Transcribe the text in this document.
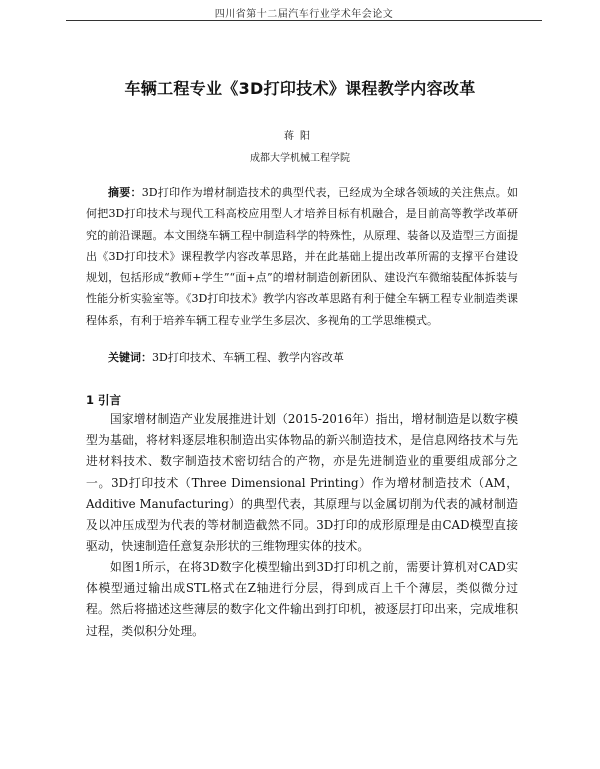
四川省第十二届汽车行业学术年会论文
车辆工程专业《3D打印技术》课程教学内容改革
蒋阳
成都大学机械工程学院

摘要：3D打印作为增材制造技术的典型代表，已经成为全球各领域的关注焦点。如何把3D打印技术与现代工科高校应用型人才培养目标有机融合，是目前高等教学改革研究的前沿课题。本文围绕车辆工程中制造科学的特殊性，从原理、装备以及造型三方面提出《3D打印技术》课程教学内容改革思路，并在此基础上提出改革所需的支撑平台建设规划，包括形成“教师+学生”“面+点”的增材制造创新团队、建设汽车微缩装配体拆装与性能分析实验室等。《3D打印技术》教学内容改革思路有利于健全车辆工程专业制造类课程体系，有利于培养车辆工程专业学生多层次、多视角的工学思维模式。

关键词：3D打印技术、车辆工程、教学内容改革

1 引言

国家增材制造产业发展推进计划（2015-2016年）指出，增材制造是以数字模型为基础，将材料逐层堆积制造出实体物品的新兴制造技术，是信息网络技术与先进材料技术、数字制造技术密切结合的产物，亦是先进制造业的重要组成部分之一。3D打印技术（Three Dimensional Printing）作为增材制造技术（AM，Additive Manufacturing）的典型代表，其原理与以金属切削为代表的减材制造及以冲压成型为代表的等材制造截然不同。3D打印的成形原理是由CAD模型直接驱动，快速制造任意复杂形状的三维物理实体的技术。

如图1所示，在将3D数字化模型输出到3D打印机之前，需要计算机对CAD实体模型通过输出成STL格式在Z轴进行分层，得到成百上千个薄层，类似微分过程。然后将描述这些薄层的数字化文件输出到打印机，被逐层打印出来，完成堆积过程，类似积分处理。
